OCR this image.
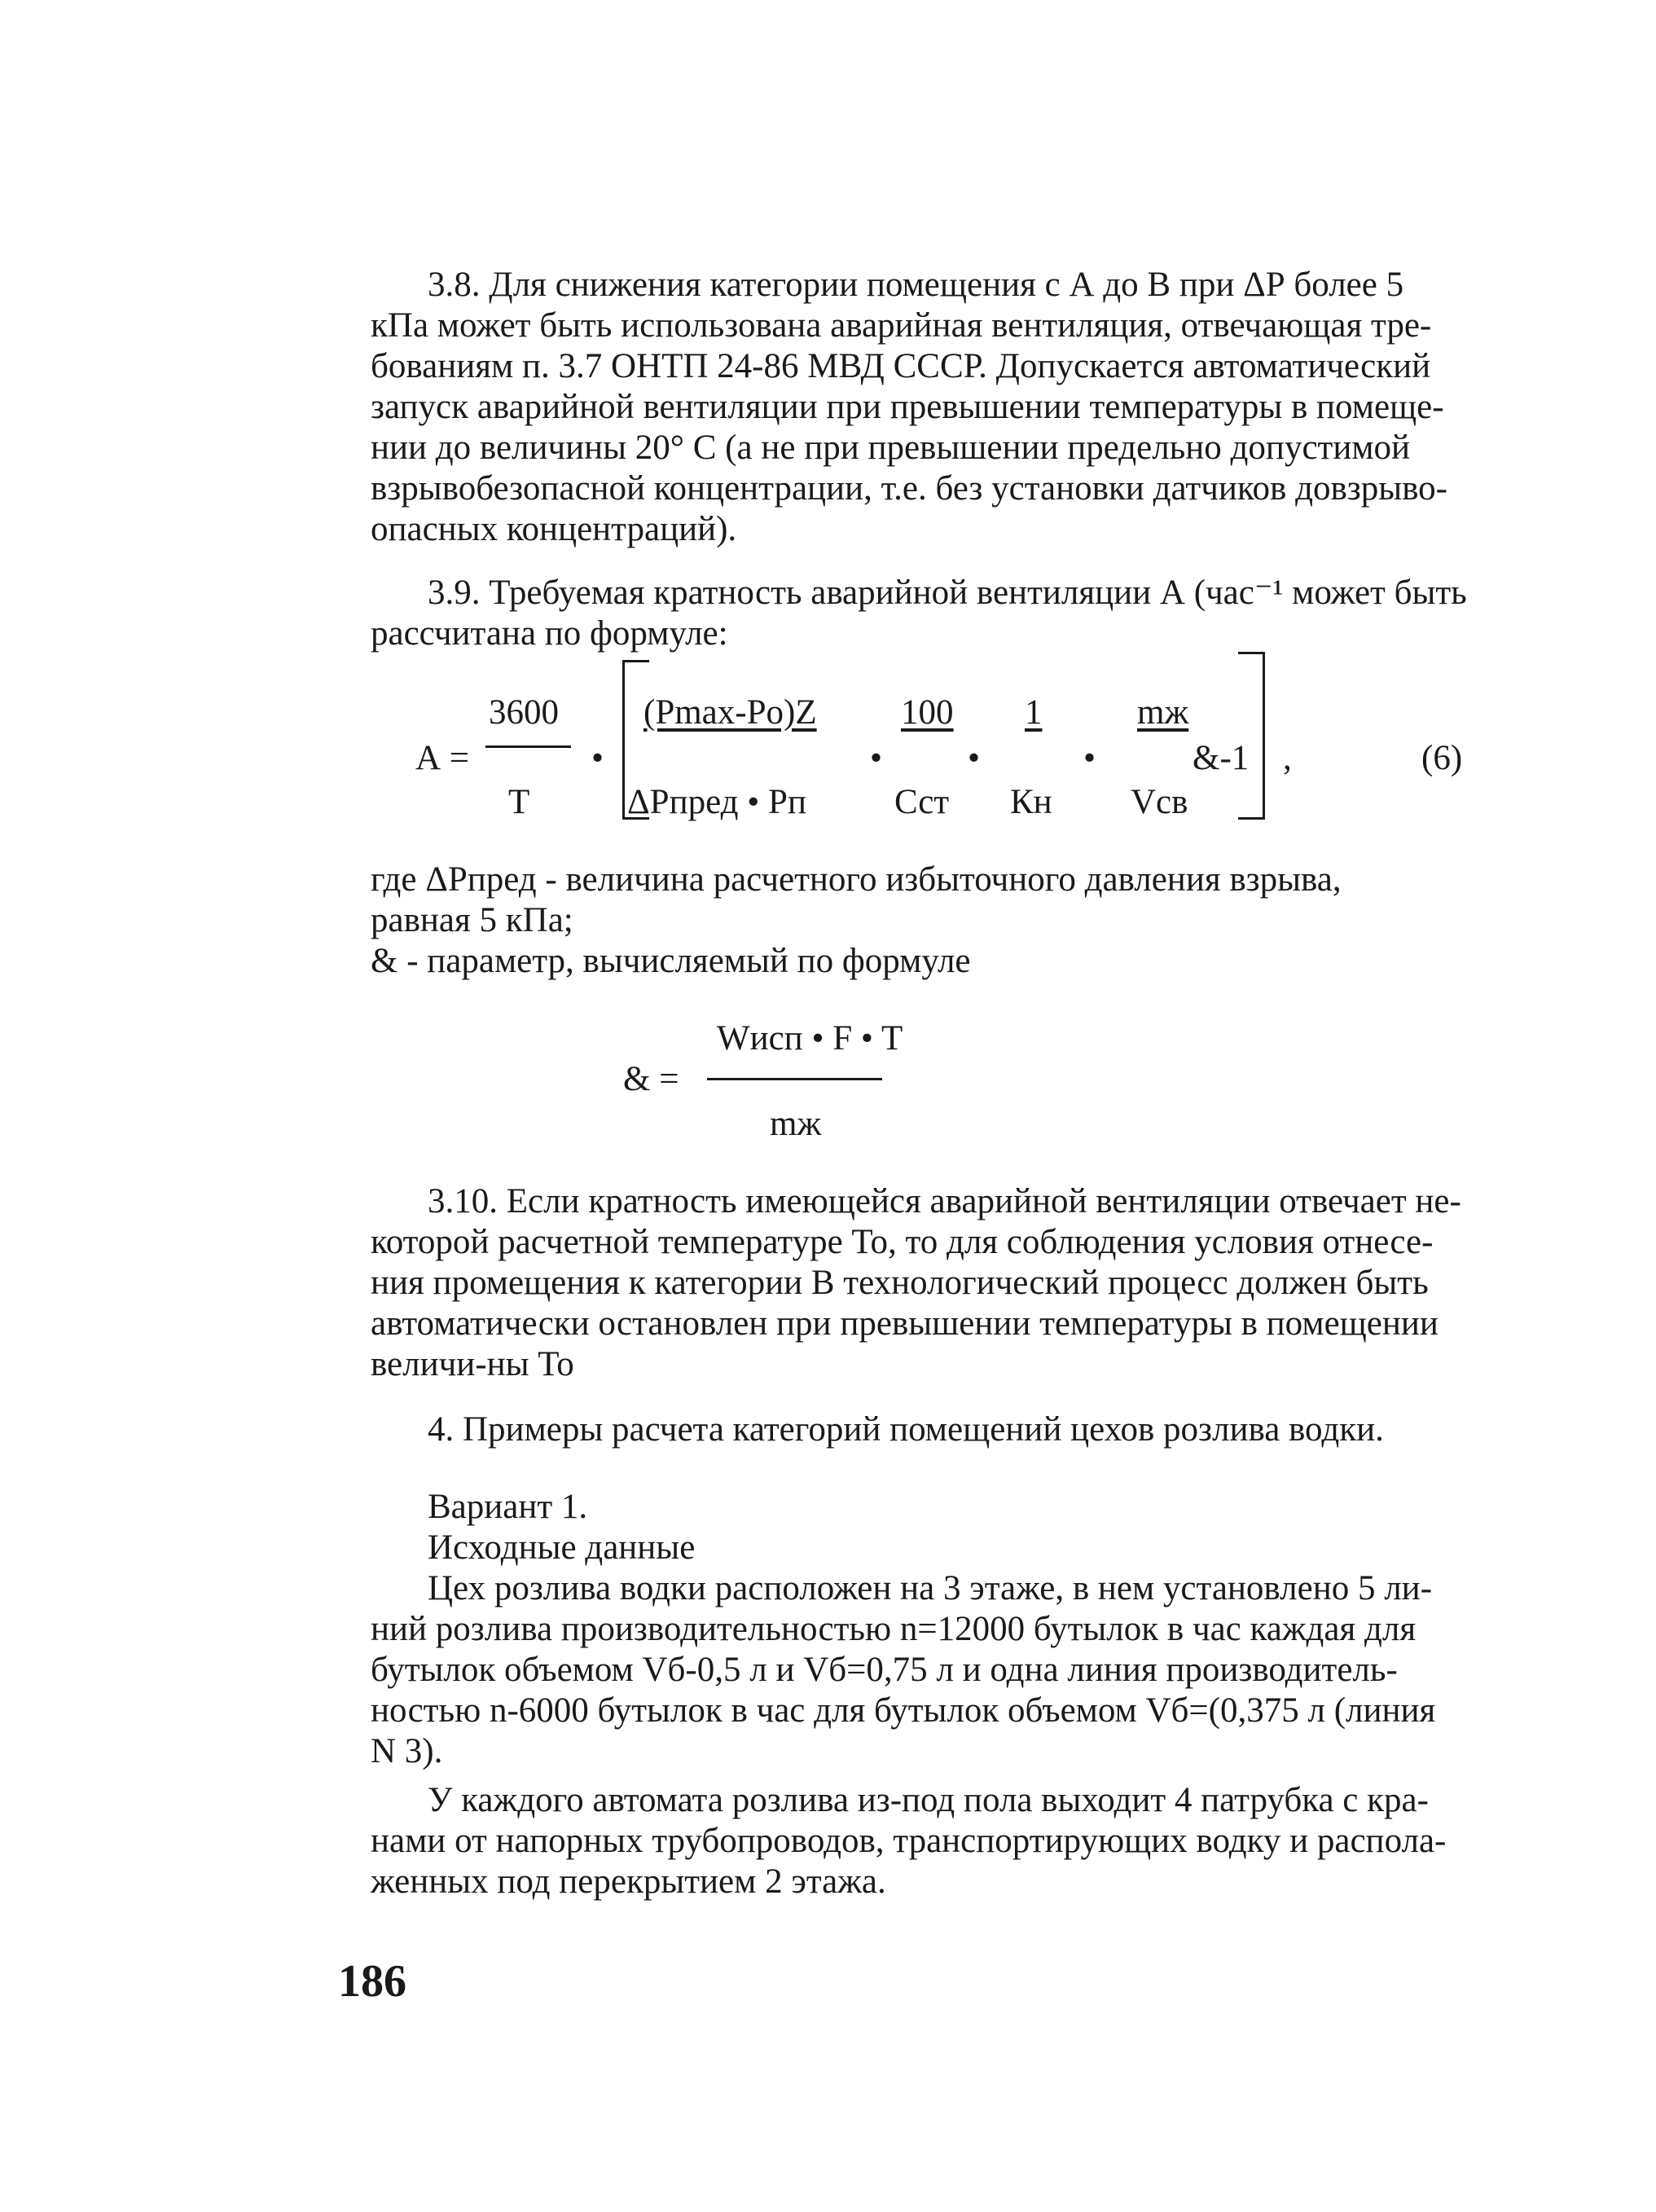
3.8. Для снижения категории помещения с А до В при ΔР более 5
кПа может быть использована аварийная вентиляция, отвечающая тре-
бованиям п. 3.7 ОНТП 24-86 МВД СССР. Допускается автоматический
запуск аварийной вентиляции при превышении температуры в помеще-
нии до величины 20° С (а не при превышении предельно допустимой
взрывобезопасной концентрации, т.е. без установки датчиков довзрыво-
опасных концентраций).
3.9. Требуемая кратность аварийной вентиляции А (час⁻¹ может быть
рассчитана по формуле:
А =
3600
Т
•
(Pmax-Po)Z
ΔРпред • Рп
•
100
Сст
•
1
Кн
•
mж
&-1
Vсв
,	(6)
где ΔРпред - величина расчетного избыточного давления взрыва,
равная 5 кПа;
& - параметр, вычисляемый по формуле
& =
Wисп • F • T
mж
3.10. Если кратность имеющейся аварийной вентиляции отвечает не-
которой расчетной температуре То, то для соблюдения условия отнесе-
ния промещения к категории В технологический процесс должен быть
автоматически остановлен при превышении температуры в помещении
величи-ны То
4. Примеры расчета категорий помещений цехов розлива водки.
Вариант 1.
Исходные данные
Цех розлива водки расположен на 3 этаже, в нем установлено 5 ли-
ний розлива производительностью n=12000 бутылок в час каждая для
бутылок объемом Vб-0,5 л и Vб=0,75 л и одна линия производитель-
ностью n-6000 бутылок в час для бутылок объемом Vб=(0,375 л (линия
N 3).
У каждого автомата розлива из-под пола выходит 4 патрубка с кра-
нами от напорных трубопроводов, транспортирующих водку и распола-
женных под перекрытием 2 этажа.
186
